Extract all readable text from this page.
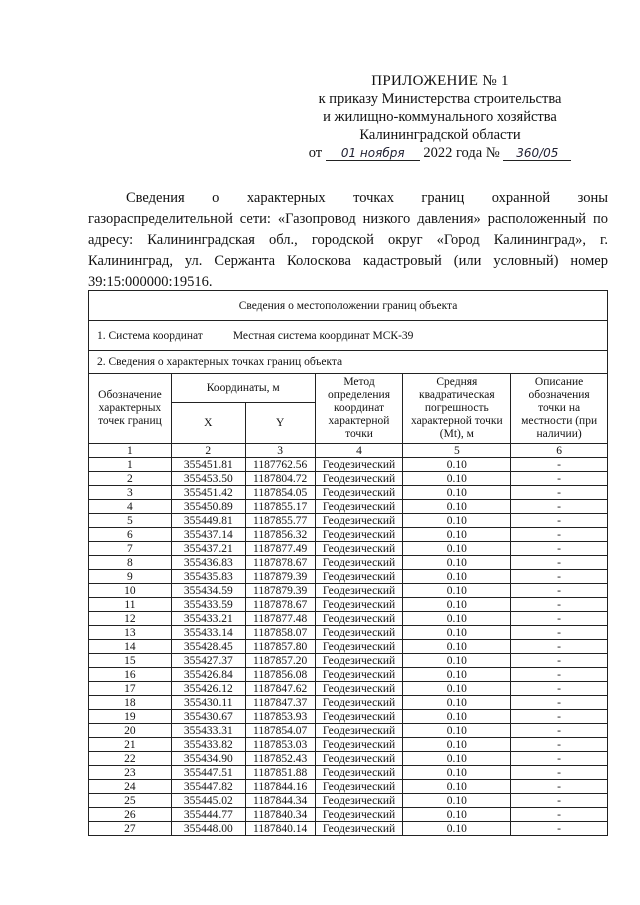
ПРИЛОЖЕНИЕ № 1
к приказу Министерства строительства
и жилищно-коммунального хозяйства
Калининградской области
от 01 ноября 2022 года № 360/05
Сведения о характерных точках границ охранной зоны газораспределительной сети: «Газопровод низкого давления» расположенный по адресу: Калининградская обл., городской округ «Город Калининград», г. Калининград, ул. Сержанта Колоскова кадастровый (или условный) номер 39:15:000000:19516.
Сведения о местоположении границ объекта					
1. Система координат Местная система координат МСК-39					
2. Сведения о характерных точках границ объекта					
Обозначение характерных точек границ	Координаты, м		Метод определения координат характерной точки	Средняя квадратическая погрешность характерной точки (Mt), м	Описание обозначения точки на местности (при наличии)
	X	Y			
1	2	3	4	5	6
1	355451.81	1187762.56	Геодезический	0.10	-
2	355453.50	1187804.72	Геодезический	0.10	-
3	355451.42	1187854.05	Геодезический	0.10	-
4	355450.89	1187855.17	Геодезический	0.10	-
5	355449.81	1187855.77	Геодезический	0.10	-
6	355437.14	1187856.32	Геодезический	0.10	-
7	355437.21	1187877.49	Геодезический	0.10	-
8	355436.83	1187878.67	Геодезический	0.10	-
9	355435.83	1187879.39	Геодезический	0.10	-
10	355434.59	1187879.39	Геодезический	0.10	-
11	355433.59	1187878.67	Геодезический	0.10	-
12	355433.21	1187877.48	Геодезический	0.10	-
13	355433.14	1187858.07	Геодезический	0.10	-
14	355428.45	1187857.80	Геодезический	0.10	-
15	355427.37	1187857.20	Геодезический	0.10	-
16	355426.84	1187856.08	Геодезический	0.10	-
17	355426.12	1187847.62	Геодезический	0.10	-
18	355430.11	1187847.37	Геодезический	0.10	-
19	355430.67	1187853.93	Геодезический	0.10	-
20	355433.31	1187854.07	Геодезический	0.10	-
21	355433.82	1187853.03	Геодезический	0.10	-
22	355434.90	1187852.43	Геодезический	0.10	-
23	355447.51	1187851.88	Геодезический	0.10	-
24	355447.82	1187844.16	Геодезический	0.10	-
25	355445.02	1187844.34	Геодезический	0.10	-
26	355444.77	1187840.34	Геодезический	0.10	-
27	355448.00	1187840.14	Геодезический	0.10	-
